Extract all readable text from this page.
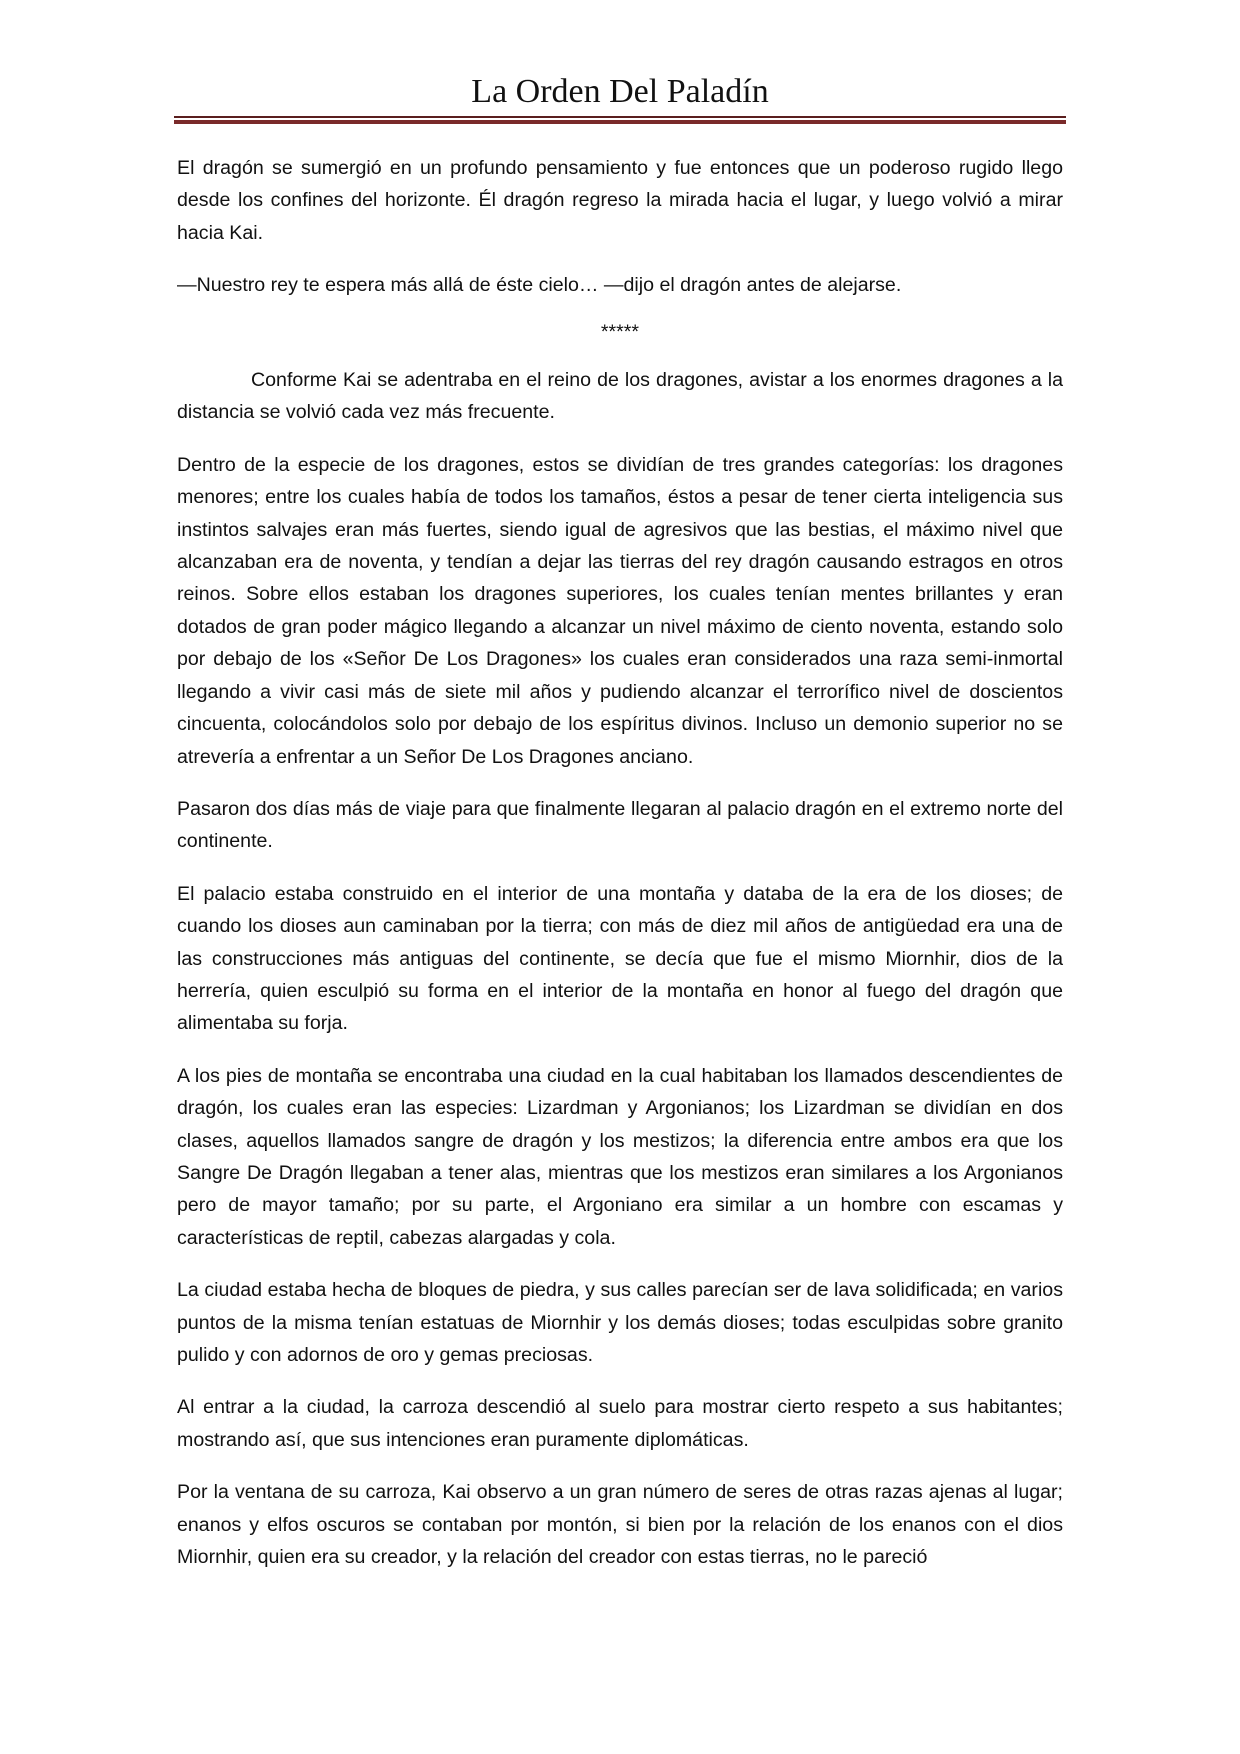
La Orden Del Paladín

El dragón se sumergió en un profundo pensamiento y fue entonces que un poderoso rugido llego desde los confines del horizonte. Él dragón regreso la mirada hacia el lugar, y luego volvió a mirar hacia Kai.

—Nuestro rey te espera más allá de éste cielo… —dijo el dragón antes de alejarse.

*****

Conforme Kai se adentraba en el reino de los dragones, avistar a los enormes dragones a la distancia se volvió cada vez más frecuente.

Dentro de la especie de los dragones, estos se dividían de tres grandes categorías: los dragones menores; entre los cuales había de todos los tamaños, éstos a pesar de tener cierta inteligencia sus instintos salvajes eran más fuertes, siendo igual de agresivos que las bestias, el máximo nivel que alcanzaban era de noventa, y tendían a dejar las tierras del rey dragón causando estragos en otros reinos. Sobre ellos estaban los dragones superiores, los cuales tenían mentes brillantes y eran dotados de gran poder mágico llegando a alcanzar un nivel máximo de ciento noventa, estando solo por debajo de los «Señor De Los Dragones» los cuales eran considerados una raza semi-inmortal llegando a vivir casi más de siete mil años y pudiendo alcanzar el terrorífico nivel de doscientos cincuenta, colocándolos solo por debajo de los espíritus divinos. Incluso un demonio superior no se atrevería a enfrentar a un Señor De Los Dragones anciano.

Pasaron dos días más de viaje para que finalmente llegaran al palacio dragón en el extremo norte del continente.

El palacio estaba construido en el interior de una montaña y databa de la era de los dioses; de cuando los dioses aun caminaban por la tierra; con más de diez mil años de antigüedad era una de las construcciones más antiguas del continente, se decía que fue el mismo Miornhir, dios de la herrería, quien esculpió su forma en el interior de la montaña en honor al fuego del dragón que alimentaba su forja.

A los pies de montaña se encontraba una ciudad en la cual habitaban los llamados descendientes de dragón, los cuales eran las especies: Lizardman y Argonianos; los Lizardman se dividían en dos clases, aquellos llamados sangre de dragón y los mestizos; la diferencia entre ambos era que los Sangre De Dragón llegaban a tener alas, mientras que los mestizos eran similares a los Argonianos pero de mayor tamaño; por su parte, el Argoniano era similar a un hombre con escamas y características de reptil, cabezas alargadas y cola.

La ciudad estaba hecha de bloques de piedra, y sus calles parecían ser de lava solidificada; en varios puntos de la misma tenían estatuas de Miornhir y los demás dioses; todas esculpidas sobre granito pulido y con adornos de oro y gemas preciosas.

Al entrar a la ciudad, la carroza descendió al suelo para mostrar cierto respeto a sus habitantes; mostrando así, que sus intenciones eran puramente diplomáticas.

Por la ventana de su carroza, Kai observo a un gran número de seres de otras razas ajenas al lugar; enanos y elfos oscuros se contaban por montón, si bien por la relación de los enanos con el dios Miornhir, quien era su creador, y la relación del creador con estas tierras, no le pareció
